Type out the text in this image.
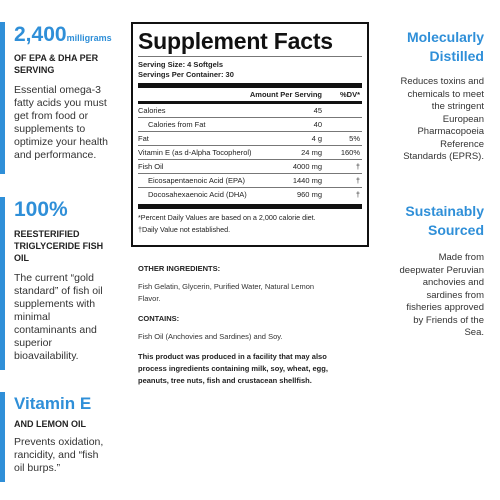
2,400milligrams
OF EPA & DHA PER
SERVING
Essential omega-3
fatty acids you must
get from food or
supplements to
optimize your health
and performance.
100%
REESTERIFIED
TRIGLYCERIDE FISH
OIL
The current “gold
standard” of fish oil
supplements with
minimal
contaminants and
superior
bioavailability.
Vitamin E
AND LEMON OIL
Prevents oxidation,
rancidity, and “fish
oil burps.”
Supplement Facts
Serving Size: 4 Softgels
Servings Per Container: 30
Amount Per Serving %DV*
Calories	45
Calories from Fat	40
Fat	4 g	5%
Vitamin E (as d-Alpha Tocopherol)	24 mg	160%
Fish Oil	4000 mg	†
Eicosapentaenoic Acid (EPA)	1440 mg	†
Docosahexaenoic Acid (DHA)	960 mg	†
*Percent Daily Values are based on a 2,000 calorie diet.
†Daily Value not established.
OTHER INGREDIENTS:
Fish Gelatin, Glycerin, Purified Water, Natural Lemon
Flavor.
CONTAINS:
Fish Oil (Anchovies and Sardines) and Soy.
This product was produced in a facility that may also
process ingredients containing milk, soy, wheat, egg,
peanuts, tree nuts, fish and crustacean shellfish.
Molecularly
Distilled
Reduces toxins and
chemicals to meet
the stringent
European
Pharmacopoeia
Reference
Standards (EPRS).
Sustainably
Sourced
Made from
deepwater Peruvian
anchovies and
sardines from
fisheries approved
by Friends of the
Sea.
